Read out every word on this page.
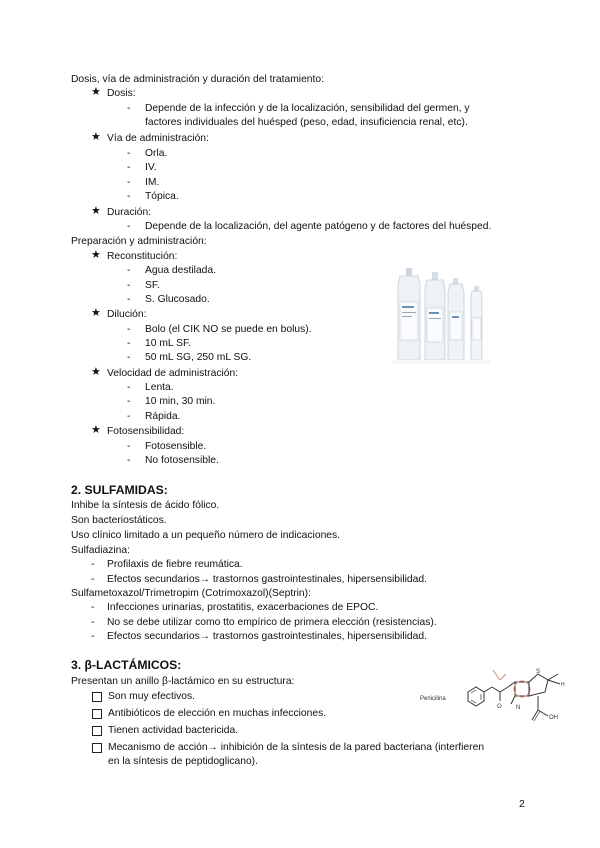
Dosis, vía de administración y duración del tratamiento:
★ Dosis:
- Depende de la infección y de la localización, sensibilidad del germen, y
factores individuales del huésped (peso, edad, insuficiencia renal, etc).
★ Vía de administración:
- Orla.
- IV.
- IM.
- Tópica.
★ Duración:
- Depende de la localización, del agente patógeno y de factores del huésped.
Preparación y administración:
★ Reconstitución:
- Agua destilada.
- SF.
- S. Glucosado.
★ Dilución:
- Bolo (el CIK NO se puede en bolus).
- 10 mL SF.
- 50 mL SG, 250 mL SG.
★ Velocidad de administración:
- Lenta.
- 10 min, 30 min.
- Rápida.
★ Fotosensibilidad:
- Fotosensible.
- No fotosensible.
2. SULFAMIDAS:
Inhibe la síntesis de ácido fólico.
Son bacteriostáticos.
Uso clínico limitado a un pequeño número de indicaciones.
Sulfadiazina:
- Profilaxis de fiebre reumática.
- Efectos secundarios→ trastornos gastrointestinales, hipersensibilidad.
Sulfametoxazol/Trimetropim (Cotrimoxazol)(Septrin):
- Infecciones urinarias, prostatitis, exacerbaciones de EPOC.
- No se debe utilizar como tto empírico de primera elección (resistencias).
- Efectos secundarios→ trastornos gastrointestinales, hipersensibilidad.
3. β-LACTÁMICOS:
Presentan un anillo β-lactámico en su estructura:
Son muy efectivos.
Antibióticos de elección en muchas infecciones.
Tienen actividad bactericida.
Mecanismo de acción→ inhibición de la síntesis de la pared bacteriana (interfieren
en la síntesis de peptidoglicano).
Penicilina
O N
S
H
OH
2
